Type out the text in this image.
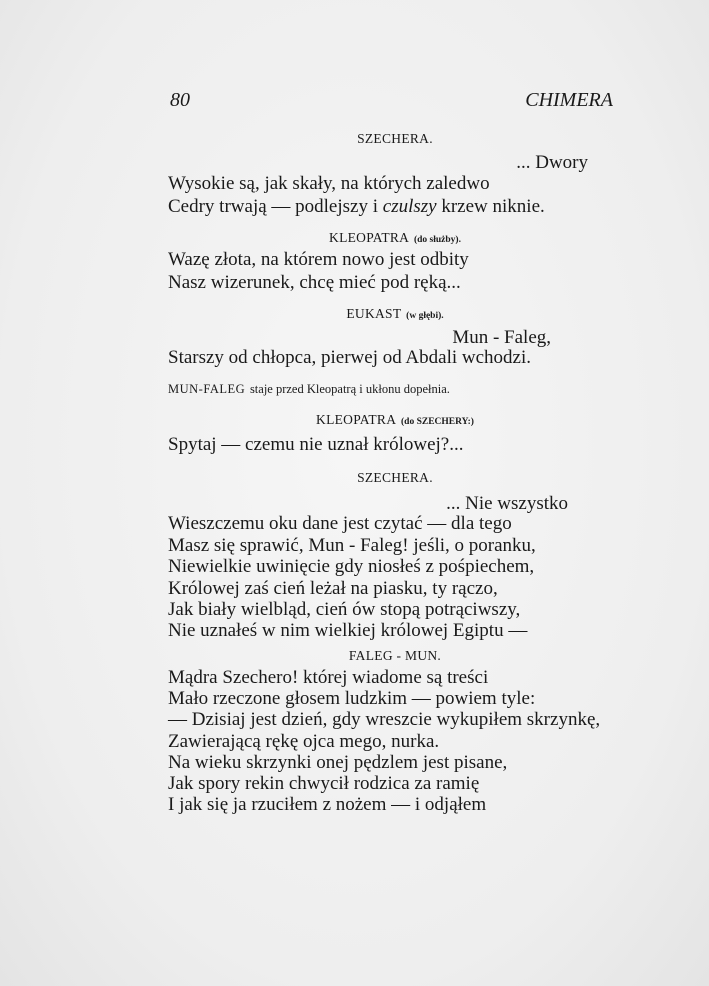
80	CHIMERA
SZECHERA.
... Dwory
Wysokie są, jak skały, na których zaledwo
Cedry trwają — podlejszy i czulszy krzew niknie.
KLEOPATRA (do służby).
Wazę złota, na którem nowo jest odbity
Nasz wizerunek, chcę mieć pod ręką...
EUKAST (w głębi).
Mun - Faleg,
Starszy od chłopca, pierwej od Abdali wchodzi.
MUN-FALEG staje przed Kleopatrą i ukłonu dopełnia.
KLEOPATRA (do SZECHERY:)
Spytaj — czemu nie uznał królowej?...
SZECHERA.
... Nie wszystko
Wieszczemu oku dane jest czytać — dla tego
Masz się sprawić, Mun - Faleg! jeśli, o poranku,
Niewielkie uwinięcie gdy niosłeś z pośpiechem,
Królowej zaś cień leżał na piasku, ty rączo,
Jak biały wielbląd, cień ów stopą potrąciwszy,
Nie uznałeś w nim wielkiej królowej Egiptu —
FALEG - MUN.
Mądra Szechero! której wiadome są treści
Mało rzeczone głosem ludzkim — powiem tyle:
— Dzisiaj jest dzień, gdy wreszcie wykupiłem skrzynkę,
Zawierającą rękę ojca mego, nurka.
Na wieku skrzynki onej pędzlem jest pisane,
Jak spory rekin chwycił rodzica za ramię
I jak się ja rzuciłem z nożem — i odjąłem
